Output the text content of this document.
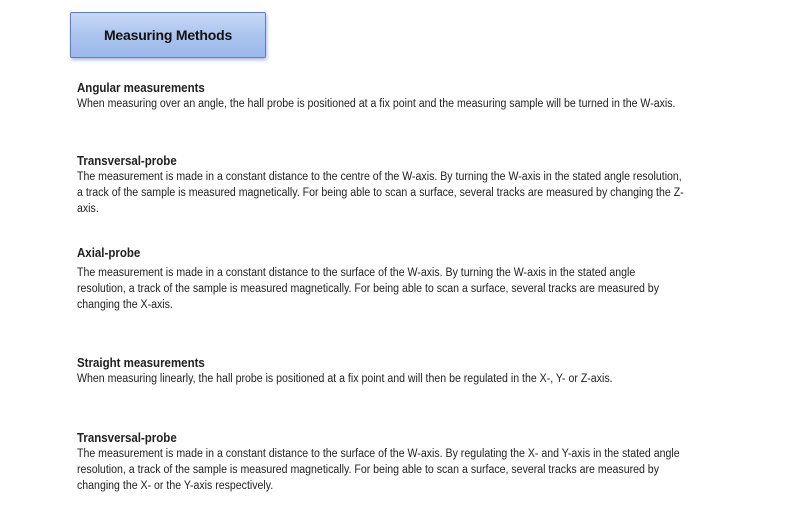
Measuring Methods

Angular measurements

When measuring over an angle, the hall probe is positioned at a fix point and the measuring sample will be turned in the W-axis.

Transversal-probe

The measurement is made in a constant distance to the centre of the W-axis. By turning the W-axis in the stated angle resolution, a track of the sample is measured magnetically. For being able to scan a surface, several tracks are measured by changing the Z-axis.

Axial-probe

The measurement is made in a constant distance to the surface of the W-axis. By turning the W-axis in the stated angle resolution, a track of the sample is measured magnetically. For being able to scan a surface, several tracks are measured by changing the X-axis.

Straight measurements

When measuring linearly, the hall probe is positioned at a fix point and will then be regulated in the X-, Y- or Z-axis.

Transversal-probe

The measurement is made in a constant distance to the surface of the W-axis. By regulating the X- and Y-axis in the stated angle resolution, a track of the sample is measured magnetically. For being able to scan a surface, several tracks are measured by changing the X- or the Y-axis respectively.
